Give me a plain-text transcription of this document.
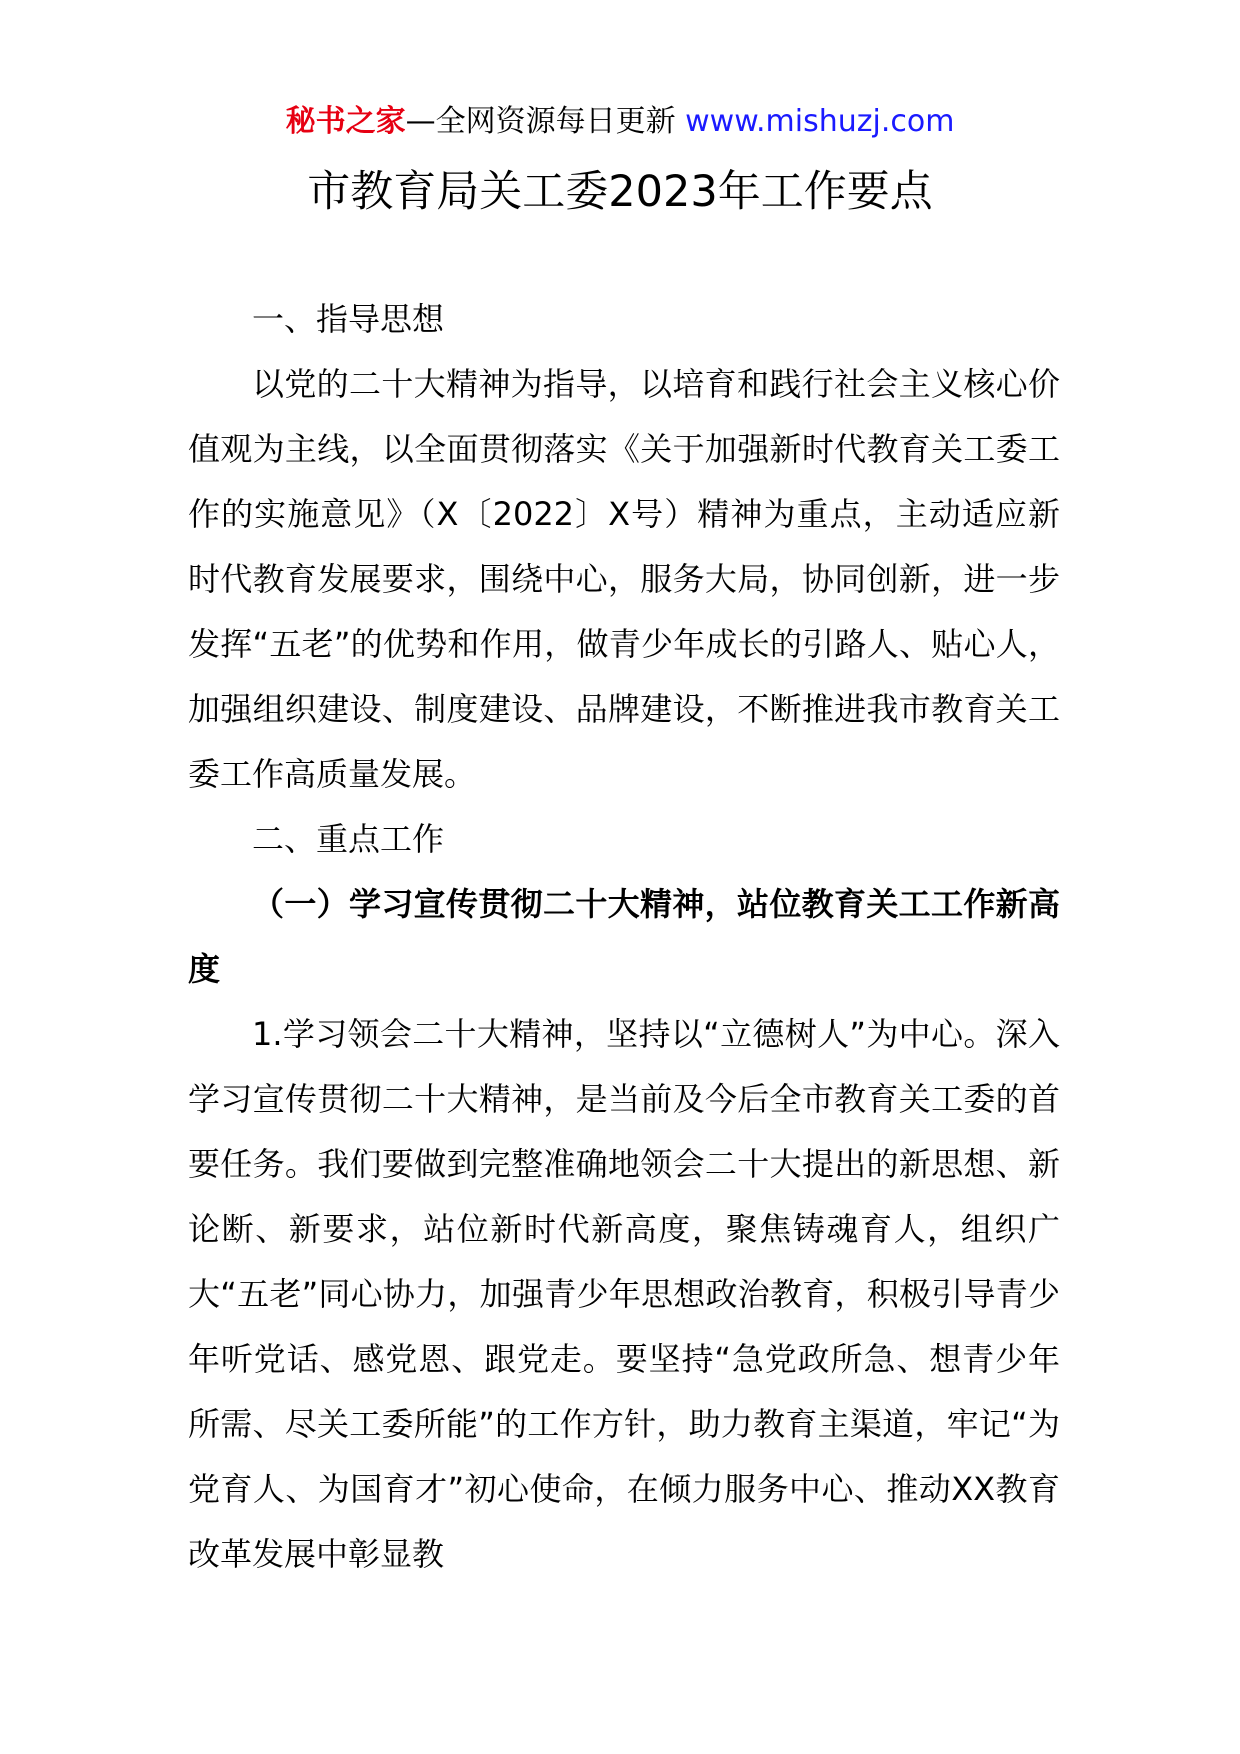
秘书之家—全网资源每日更新 www.mishuzj.com
市教育局关工委2023年工作要点

一、指导思想

以党的二十大精神为指导，以培育和践行社会主义核心价值观为主线，以全面贯彻落实《关于加强新时代教育关工委工作的实施意见》（X〔2022〕X号）精神为重点，主动适应新时代教育发展要求，围绕中心，服务大局，协同创新，进一步发挥“五老”的优势和作用，做青少年成长的引路人、贴心人，加强组织建设、制度建设、品牌建设，不断推进我市教育关工委工作高质量发展。

二、重点工作

（一）学习宣传贯彻二十大精神，站位教育关工工作新高度

1.学习领会二十大精神，坚持以“立德树人”为中心。深入学习宣传贯彻二十大精神，是当前及今后全市教育关工委的首要任务。我们要做到完整准确地领会二十大提出的新思想、新论断、新要求，站位新时代新高度，聚焦铸魂育人，组织广大“五老”同心协力，加强青少年思想政治教育，积极引导青少年听党话、感党恩、跟党走。要坚持“急党政所急、想青少年所需、尽关工委所能”的工作方针，助力教育主渠道，牢记“为党育人、为国育才”初心使命，在倾力服务中心、推动XX教育改革发展中彰显教
